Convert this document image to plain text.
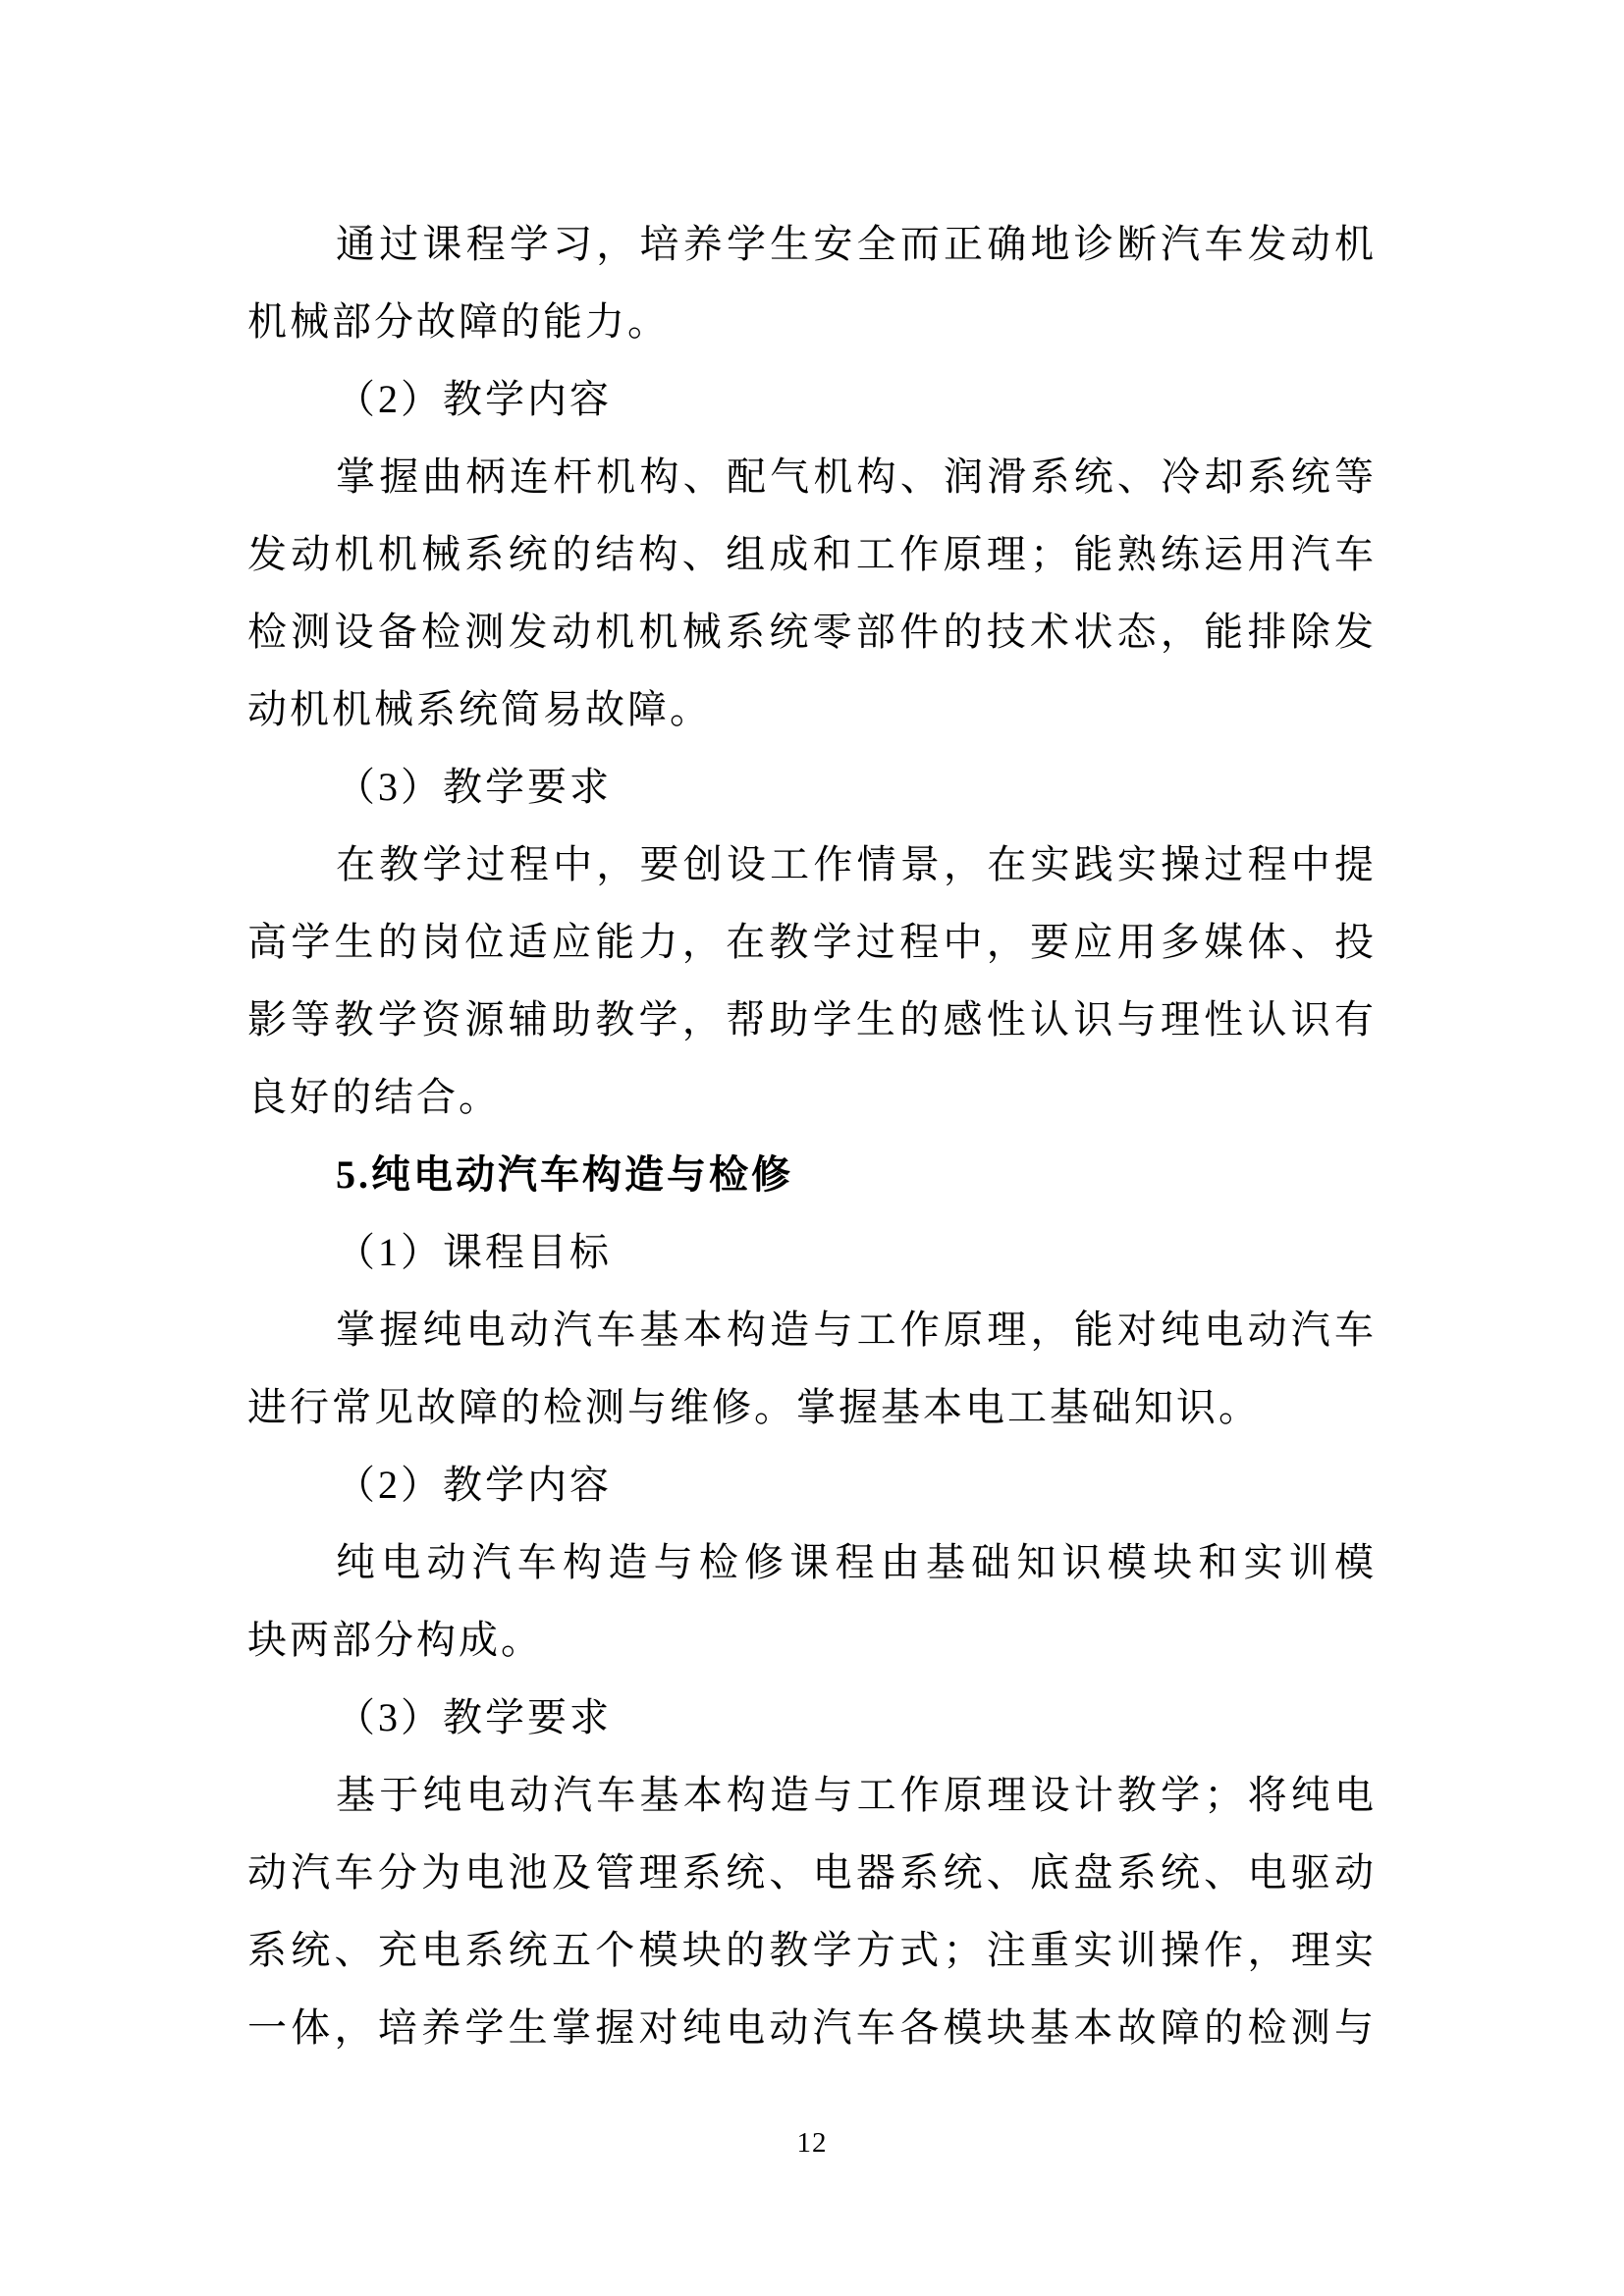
通过课程学习，培养学生安全而正确地诊断汽车发动机
机械部分故障的能力。
（2）教学内容
掌握曲柄连杆机构、配气机构、润滑系统、冷却系统等
发动机机械系统的结构、组成和工作原理；能熟练运用汽车
检测设备检测发动机机械系统零部件的技术状态，能排除发
动机机械系统简易故障。
（3）教学要求
在教学过程中，要创设工作情景，在实践实操过程中提
高学生的岗位适应能力，在教学过程中，要应用多媒体、投
影等教学资源辅助教学，帮助学生的感性认识与理性认识有
良好的结合。
5.纯电动汽车构造与检修
（1）课程目标
掌握纯电动汽车基本构造与工作原理，能对纯电动汽车
进行常见故障的检测与维修。掌握基本电工基础知识。
（2）教学内容
纯电动汽车构造与检修课程由基础知识模块和实训模
块两部分构成。
（3）教学要求
基于纯电动汽车基本构造与工作原理设计教学；将纯电
动汽车分为电池及管理系统、电器系统、底盘系统、电驱动
系统、充电系统五个模块的教学方式；注重实训操作，理实
一体，培养学生掌握对纯电动汽车各模块基本故障的检测与
12
